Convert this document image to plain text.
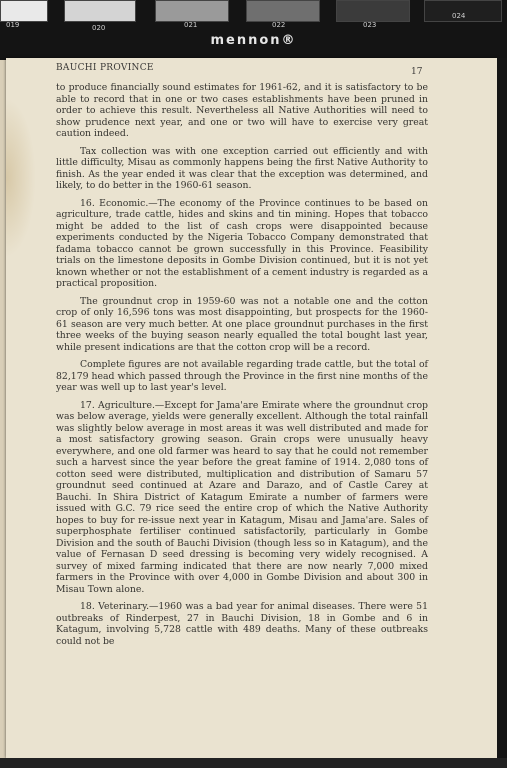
019	020	021	022	023
024
mennon®
BAUCHI PROVINCE	17

to produce financially sound estimates for 1961-62, and it is satisfactory to be able to record that in one or two cases establishments have been pruned in order to achieve this result. Nevertheless all Native Authorities will need to show prudence next year, and one or two will have to exercise very great caution indeed.

Tax collection was with one exception carried out efficiently and with little difficulty, Misau as commonly happens being the first Native Authority to finish. As the year ended it was clear that the exception was determined, and likely, to do better in the 1960-61 season.

16. Economic.—The economy of the Province continues to be based on agriculture, trade cattle, hides and skins and tin mining. Hopes that tobacco might be added to the list of cash crops were disappointed because experiments conducted by the Nigeria Tobacco Company demonstrated that fadama tobacco cannot be grown successfully in this Province. Feasibility trials on the limestone deposits in Gombe Division continued, but it is not yet known whether or not the establishment of a cement industry is regarded as a practical proposition.

The groundnut crop in 1959-60 was not a notable one and the cotton crop of only 16,596 tons was most disappointing, but prospects for the 1960-61 season are very much better. At one place groundnut purchases in the first three weeks of the buying season nearly equalled the total bought last year, while present indications are that the cotton crop will be a record.

Complete figures are not available regarding trade cattle, but the total of 82,179 head which passed through the Province in the first nine months of the year was well up to last year's level.

17. Agriculture.—Except for Jama'are Emirate where the groundnut crop was below average, yields were generally excellent. Although the total rainfall was slightly below average in most areas it was well distributed and made for a most satisfactory growing season. Grain crops were unusually heavy everywhere, and one old farmer was heard to say that he could not remember such a harvest since the year before the great famine of 1914. 2,080 tons of cotton seed were distributed, multiplication and distribution of Samaru 57 groundnut seed continued at Azare and Darazo, and of Castle Carey at Bauchi. In Shira District of Katagum Emirate a number of farmers were issued with G.C. 79 rice seed the entire crop of which the Native Authority hopes to buy for re-issue next year in Katagum, Misau and Jama'are. Sales of superphosphate fertiliser continued satisfactorily, particularly in Gombe Division and the south of Bauchi Division (though less so in Katagum), and the value of Fernasan D seed dressing is becoming very widely recognised. A survey of mixed farming indicated that there are now nearly 7,000 mixed farmers in the Province with over 4,000 in Gombe Division and about 300 in Misau Town alone.

18. Veterinary.—1960 was a bad year for animal diseases. There were 51 outbreaks of Rinderpest, 27 in Bauchi Division, 18 in Gombe and 6 in Katagum, involving 5,728 cattle with 489 deaths. Many of these outbreaks could not be
